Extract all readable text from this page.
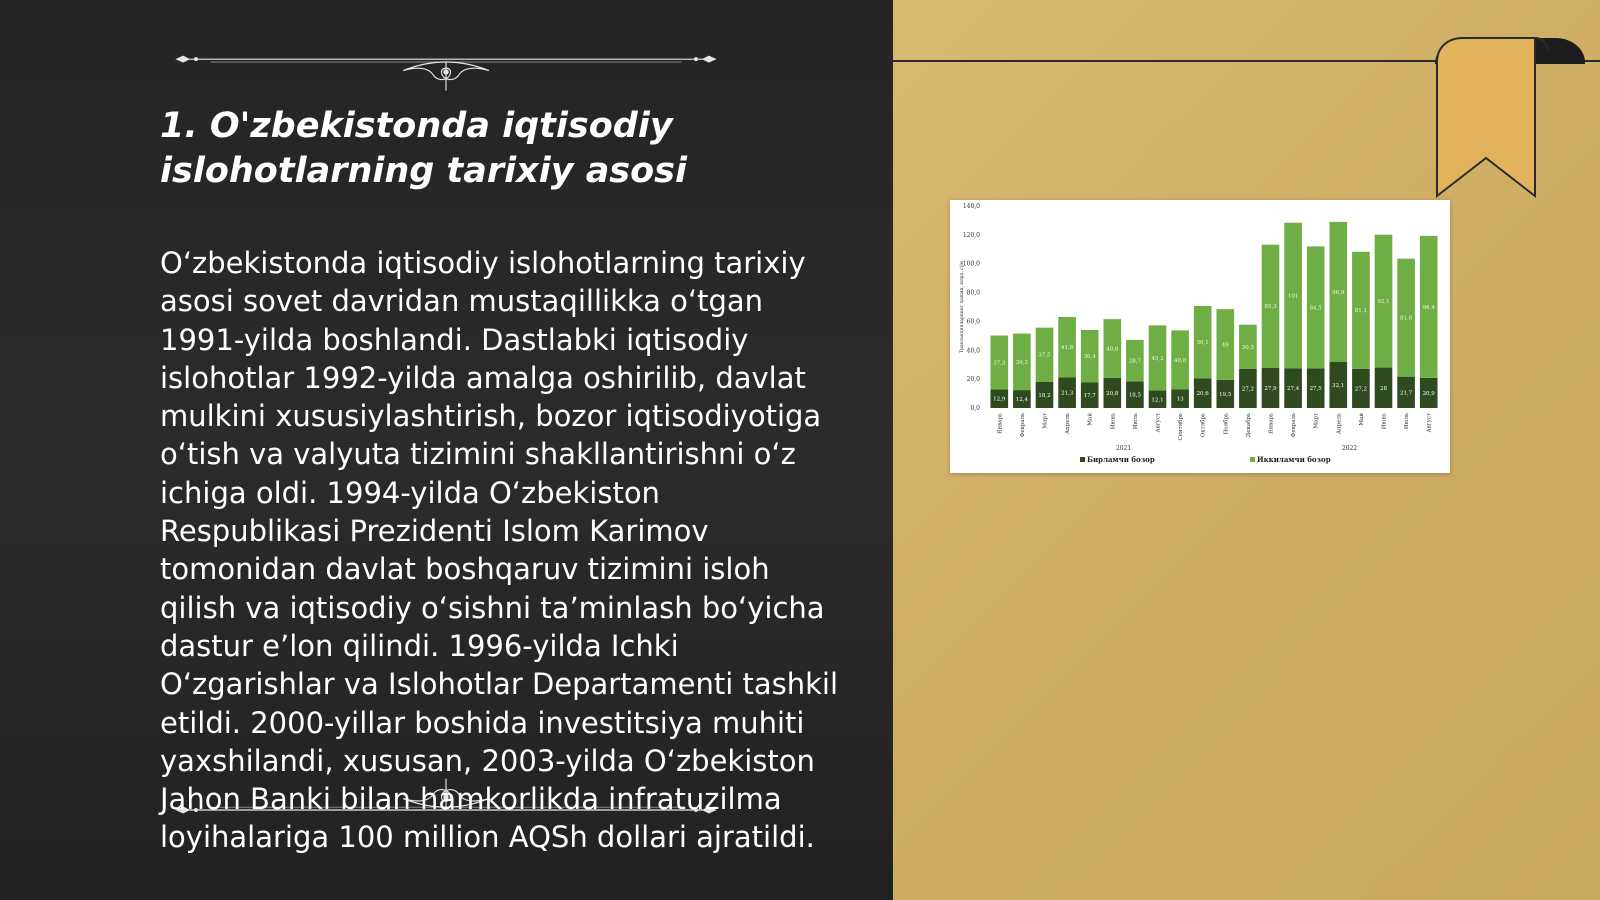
1. O'zbekistonda iqtisodiy islohotlarning tarixiy asosi

O‘zbekistonda iqtisodiy islohotlarning tarixiy asosi sovet davridan mustaqillikka o‘tgan 1991-yilda boshlandi. Dastlabki iqtisodiy islohotlar 1992-yilda amalga oshirilib, davlat mulkini xususiylashtirish, bozor iqtisodiyotiga o‘tish va valyuta tizimini shakllantirishni o‘z ichiga oldi. 1994-yilda O‘zbekiston Respublikasi Prezidenti Islom Karimov tomonidan davlat boshqaruv tizimini isloh qilish va iqtisodiy o‘sishni ta’minlash bo‘yicha dastur e’lon qilindi. 1996-yilda Ichki O‘zgarishlar va Islohotlar Departamenti tashkil etildi. 2000-yillar boshida investitsiya muhiti yaxshilandi, xususan, 2003-yilda O‘zbekiston Jahon Banki bilan hamkorlikda infratuzilma loyihalariga 100 million AQSh dollari ajratildi.

0,0
20,0
40,0
60,0
80,0
100,0
120,0
140,0
Транзакцияларнинг ҳажми, млрд. сўм
12,9
37,3
12,4
39,2
18,2
37,5
21,3
41,8
17,7
36,4
20,8
40,8
18,5
28,7
12,1
45,2
13
40,8
20,6
50,1
19,5
49
27,2
30,5
27,9
85,3
27,4
101
27,5
84,5
32,1
96,9
27,2
81,1
28
92,1
21,7
81,8
20,9
98,4
Январь	Февраль	Март	Апрель	Май	Июнь	Июль	Август	Сентябрь	Октябрь	Ноябрь	Декабрь	Январь	Февраль	Март	Апрель	Май	Июнь	Июль	Август
2021	2022
Бирламчи бозор	Иккиламчи бозор
